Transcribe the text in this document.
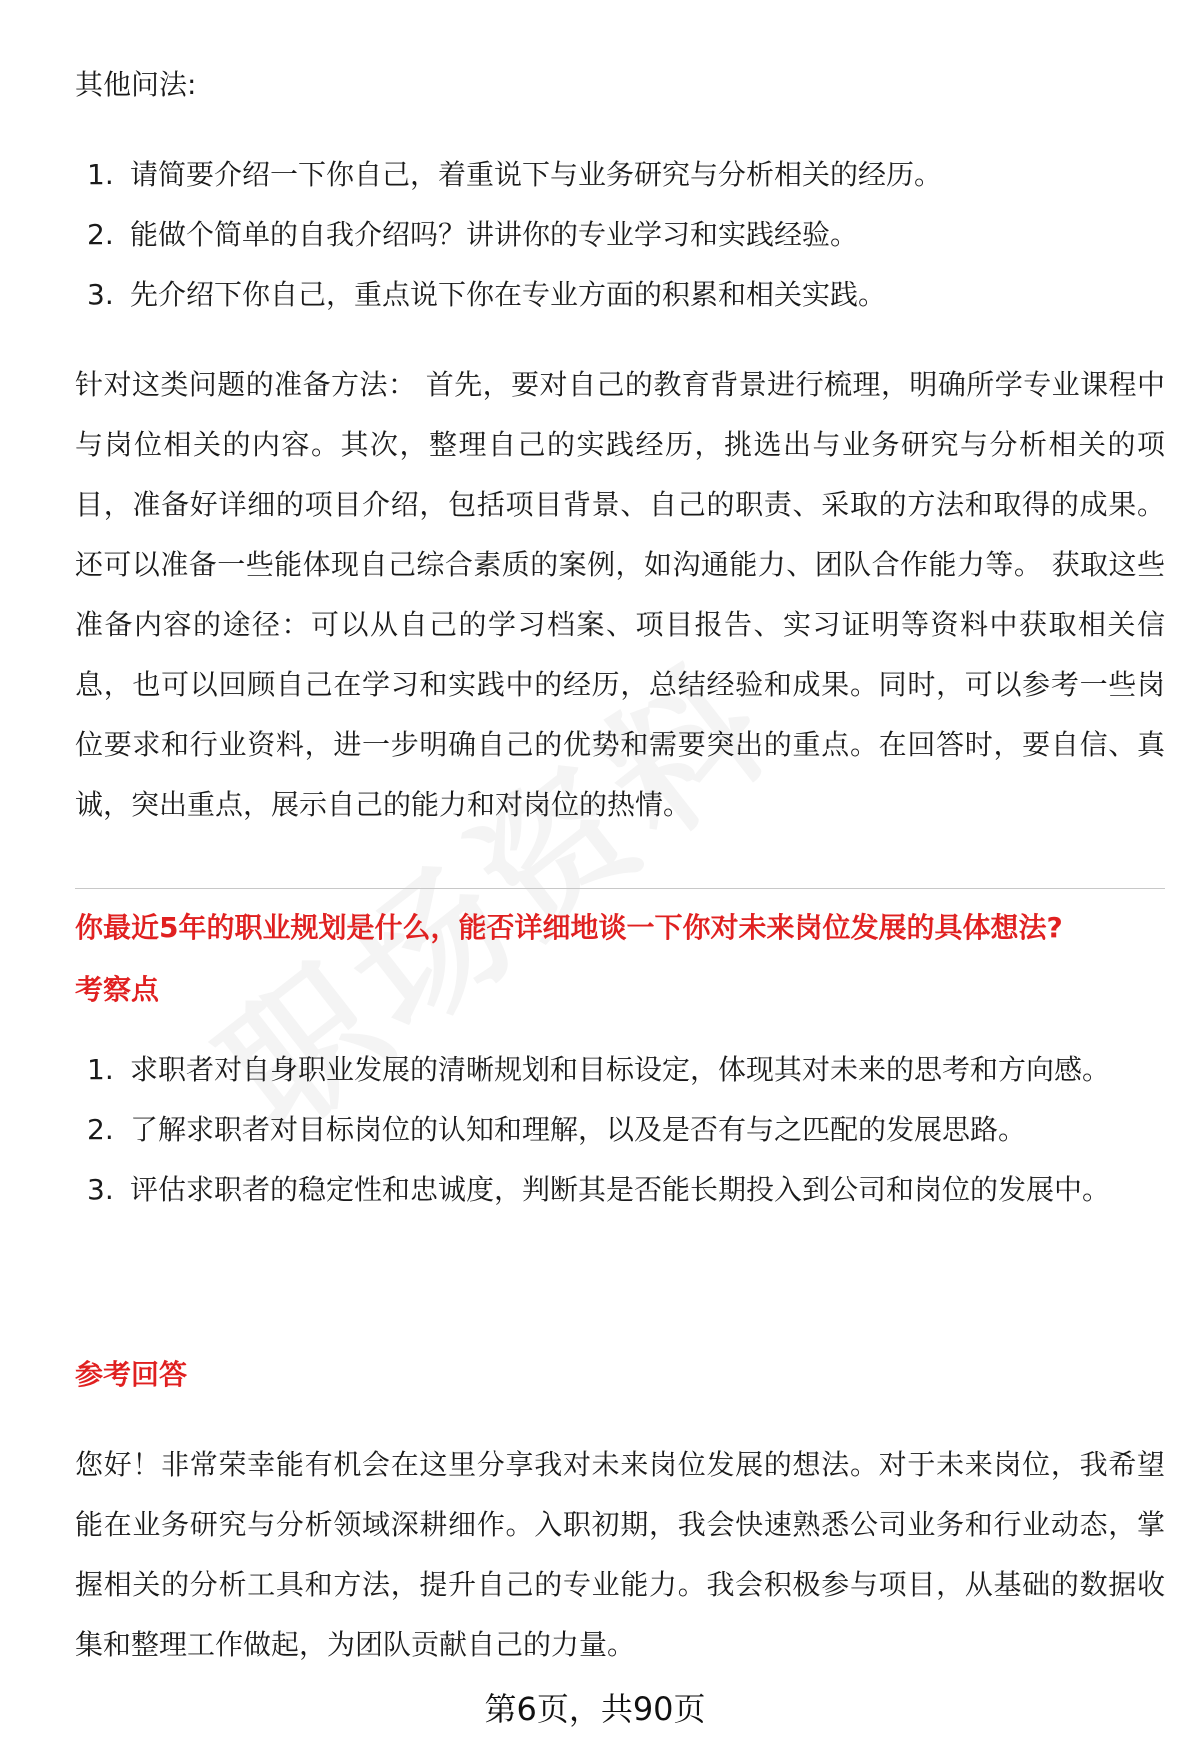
其他问法:
1. 请简要介绍一下你自己，着重说下与业务研究与分析相关的经历。
2. 能做个简单的自我介绍吗？讲讲你的专业学习和实践经验。
3. 先介绍下你自己，重点说下你在专业方面的积累和相关实践。
针对这类问题的准备方法： 首先，要对自己的教育背景进行梳理，明确所学专业课程中与岗位相关的内容。其次，整理自己的实践经历，挑选出与业务研究与分析相关的项目，准备好详细的项目介绍，包括项目背景、自己的职责、采取的方法和取得的成果。还可以准备一些能体现自己综合素质的案例，如沟通能力、团队合作能力等。 获取这些准备内容的途径：可以从自己的学习档案、项目报告、实习证明等资料中获取相关信息，也可以回顾自己在学习和实践中的经历，总结经验和成果。同时，可以参考一些岗位要求和行业资料，进一步明确自己的优势和需要突出的重点。在回答时，要自信、真诚，突出重点，展示自己的能力和对岗位的热情。
你最近5年的职业规划是什么，能否详细地谈一下你对未来岗位发展的具体想法?
考察点
1. 求职者对自身职业发展的清晰规划和目标设定，体现其对未来的思考和方向感。
2. 了解求职者对目标岗位的认知和理解，以及是否有与之匹配的发展思路。
3. 评估求职者的稳定性和忠诚度，判断其是否能长期投入到公司和岗位的发展中。
参考回答
您好！非常荣幸能有机会在这里分享我对未来岗位发展的想法。对于未来岗位，我希望能在业务研究与分析领域深耕细作。入职初期，我会快速熟悉公司业务和行业动态，掌握相关的分析工具和方法，提升自己的专业能力。我会积极参与项目，从基础的数据收集和整理工作做起，为团队贡献自己的力量。
第6页，共90页
